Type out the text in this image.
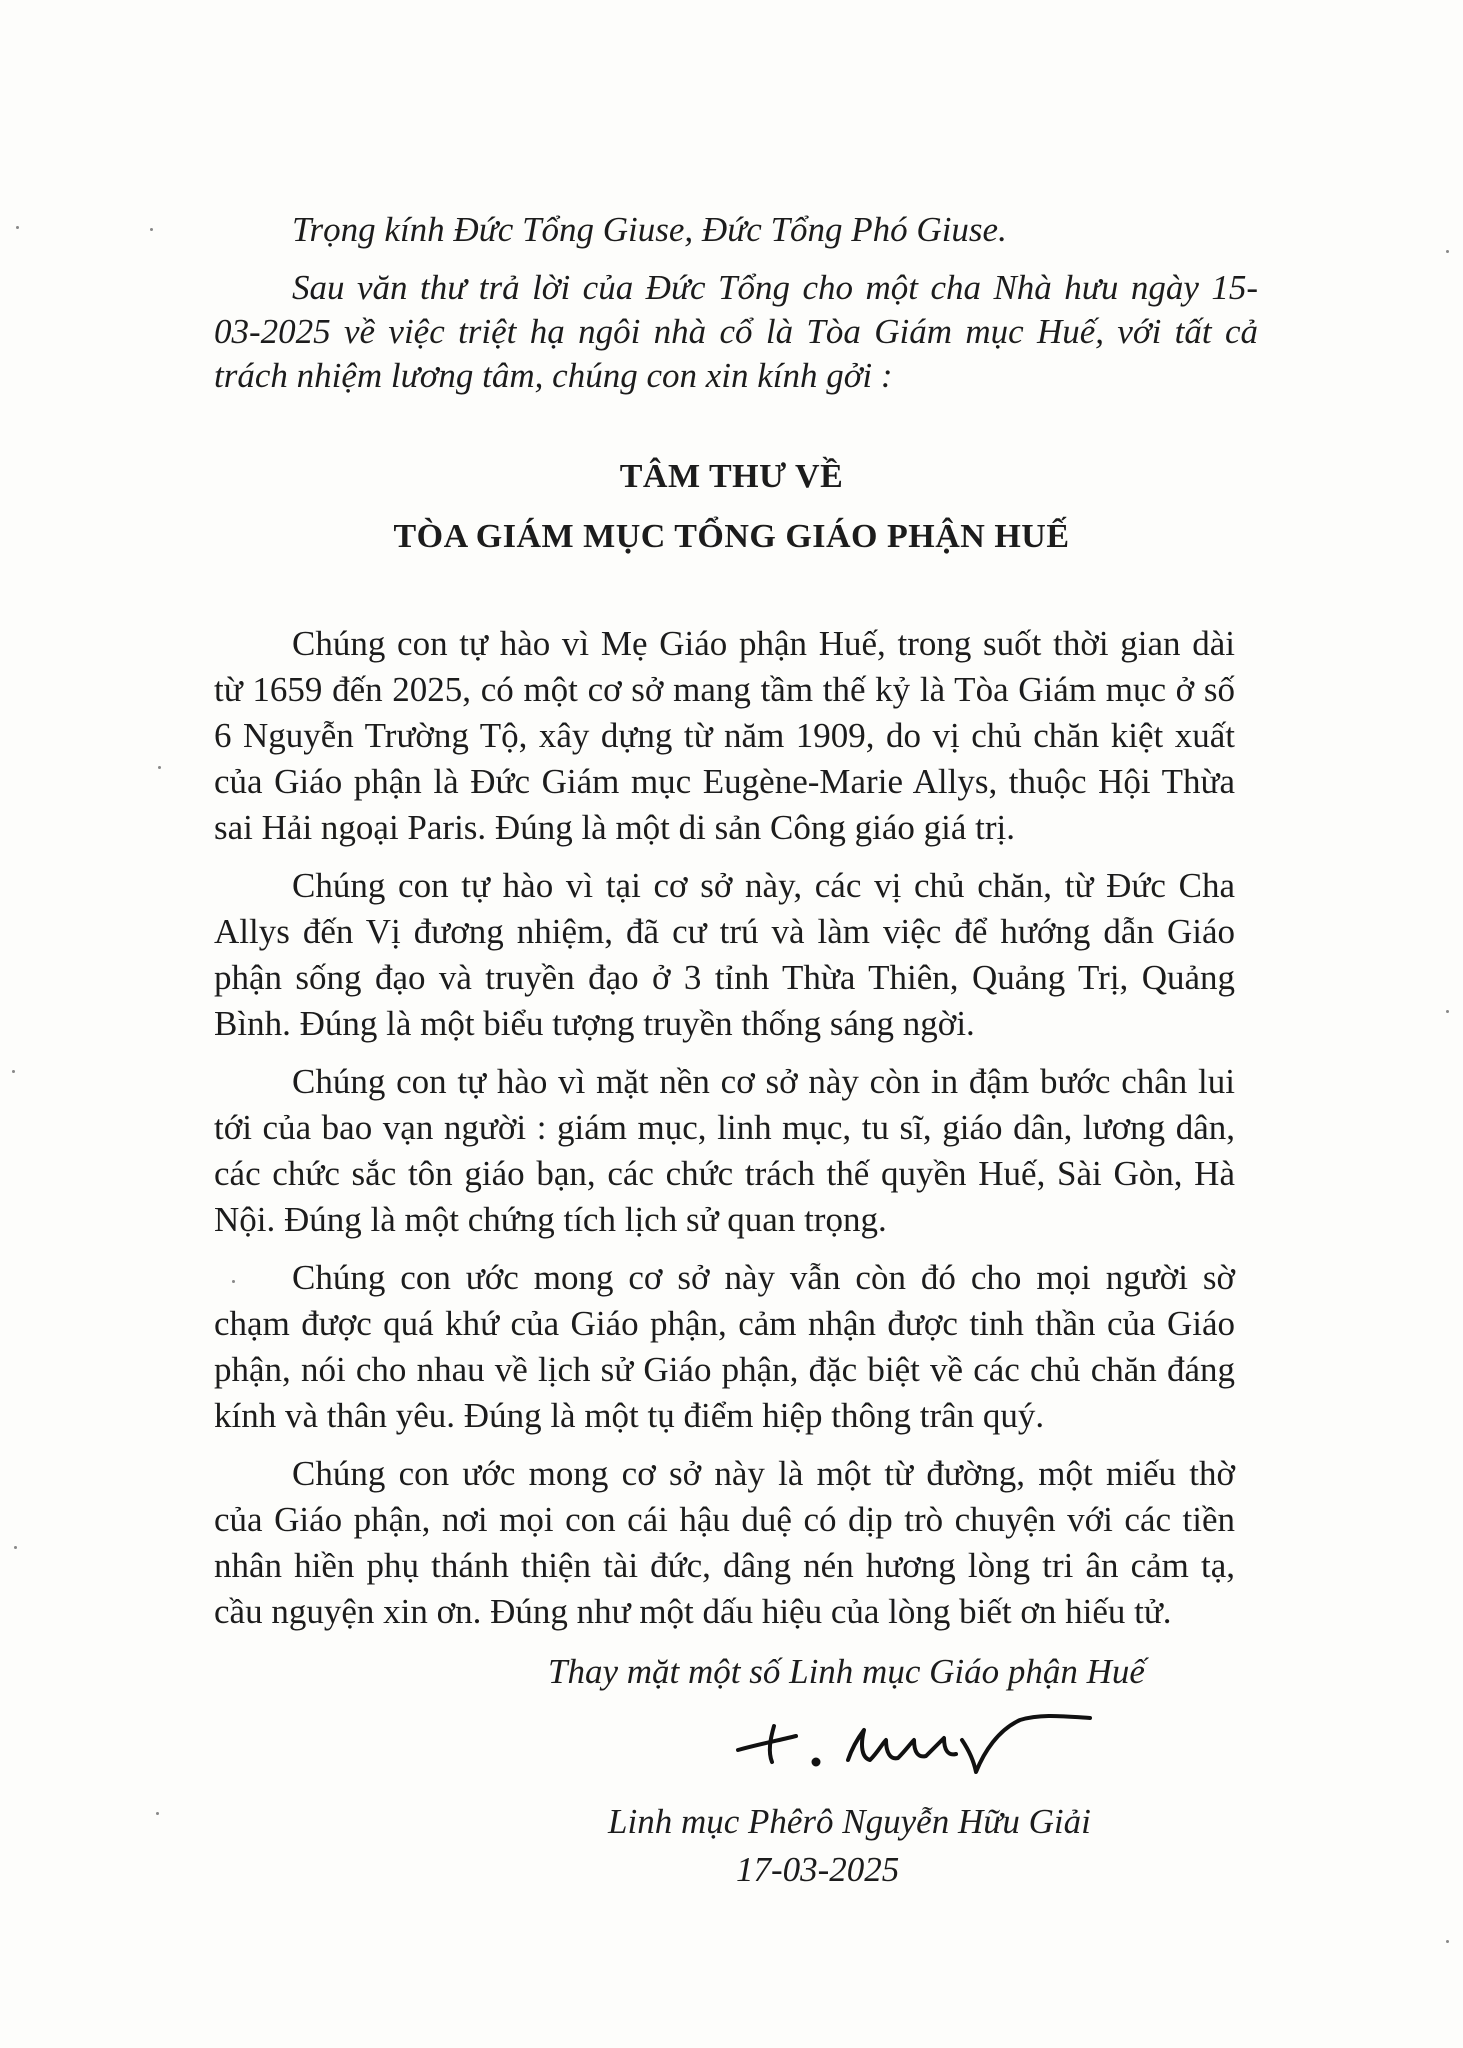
Trọng kính Đức Tổng Giuse, Đức Tổng Phó Giuse.
Sau văn thư trả lời của Đức Tổng cho một cha Nhà hưu ngày 15-
03-2025 về việc triệt hạ ngôi nhà cổ là Tòa Giám mục Huế, với tất cả
trách nhiệm lương tâm, chúng con xin kính gởi :
TÂM THƯ VỀ
TÒA GIÁM MỤC TỔNG GIÁO PHẬN HUẾ
Chúng con tự hào vì Mẹ Giáo phận Huế, trong suốt thời gian dài
từ 1659 đến 2025, có một cơ sở mang tầm thế kỷ là Tòa Giám mục ở số
6 Nguyễn Trường Tộ, xây dựng từ năm 1909, do vị chủ chăn kiệt xuất
của Giáo phận là Đức Giám mục Eugène-Marie Allys, thuộc Hội Thừa
sai Hải ngoại Paris. Đúng là một di sản Công giáo giá trị.
Chúng con tự hào vì tại cơ sở này, các vị chủ chăn, từ Đức Cha
Allys đến Vị đương nhiệm, đã cư trú và làm việc để hướng dẫn Giáo
phận sống đạo và truyền đạo ở 3 tỉnh Thừa Thiên, Quảng Trị, Quảng
Bình. Đúng là một biểu tượng truyền thống sáng ngời.
Chúng con tự hào vì mặt nền cơ sở này còn in đậm bước chân lui
tới của bao vạn người : giám mục, linh mục, tu sĩ, giáo dân, lương dân,
các chức sắc tôn giáo bạn, các chức trách thế quyền Huế, Sài Gòn, Hà
Nội. Đúng là một chứng tích lịch sử quan trọng.
Chúng con ước mong cơ sở này vẫn còn đó cho mọi người sờ
chạm được quá khứ của Giáo phận, cảm nhận được tinh thần của Giáo
phận, nói cho nhau về lịch sử Giáo phận, đặc biệt về các chủ chăn đáng
kính và thân yêu. Đúng là một tụ điểm hiệp thông trân quý.
Chúng con ước mong cơ sở này là một từ đường, một miếu thờ
của Giáo phận, nơi mọi con cái hậu duệ có dịp trò chuyện với các tiền
nhân hiền phụ thánh thiện tài đức, dâng nén hương lòng tri ân cảm tạ,
cầu nguyện xin ơn. Đúng như một dấu hiệu của lòng biết ơn hiếu tử.
Thay mặt một số Linh mục Giáo phận Huế
Linh mục Phêrô Nguyễn Hữu Giải
17-03-2025
